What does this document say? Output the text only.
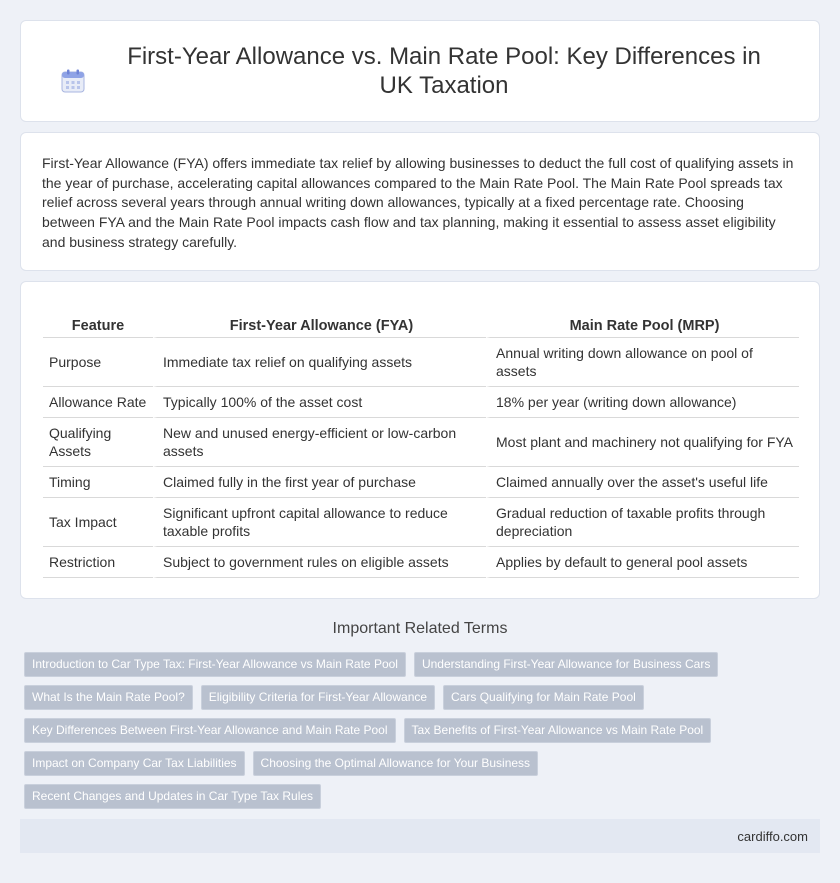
First-Year Allowance vs. Main Rate Pool: Key Differences in UK Taxation

First-Year Allowance (FYA) offers immediate tax relief by allowing businesses to deduct the full cost of qualifying assets in the year of purchase, accelerating capital allowances compared to the Main Rate Pool. The Main Rate Pool spreads tax relief across several years through annual writing down allowances, typically at a fixed percentage rate. Choosing between FYA and the Main Rate Pool impacts cash flow and tax planning, making it essential to assess asset eligibility and business strategy carefully.

Feature	First-Year Allowance (FYA)	Main Rate Pool (MRP)
Purpose	Immediate tax relief on qualifying assets	Annual writing down allowance on pool of assets
Allowance Rate	Typically 100% of the asset cost	18% per year (writing down allowance)
Qualifying Assets	New and unused energy-efficient or low-carbon assets	Most plant and machinery not qualifying for FYA
Timing	Claimed fully in the first year of purchase	Claimed annually over the asset's useful life
Tax Impact	Significant upfront capital allowance to reduce taxable profits	Gradual reduction of taxable profits through depreciation
Restriction	Subject to government rules on eligible assets	Applies by default to general pool assets
Important Related Terms
Introduction to Car Type Tax: First-Year Allowance vs Main Rate Pool	Understanding First-Year Allowance for Business Cars
What Is the Main Rate Pool?	Eligibility Criteria for First-Year Allowance	Cars Qualifying for Main Rate Pool
Key Differences Between First-Year Allowance and Main Rate Pool	Tax Benefits of First-Year Allowance vs Main Rate Pool
Impact on Company Car Tax Liabilities	Choosing the Optimal Allowance for Your Business
Recent Changes and Updates in Car Type Tax Rules
cardiffo.com
